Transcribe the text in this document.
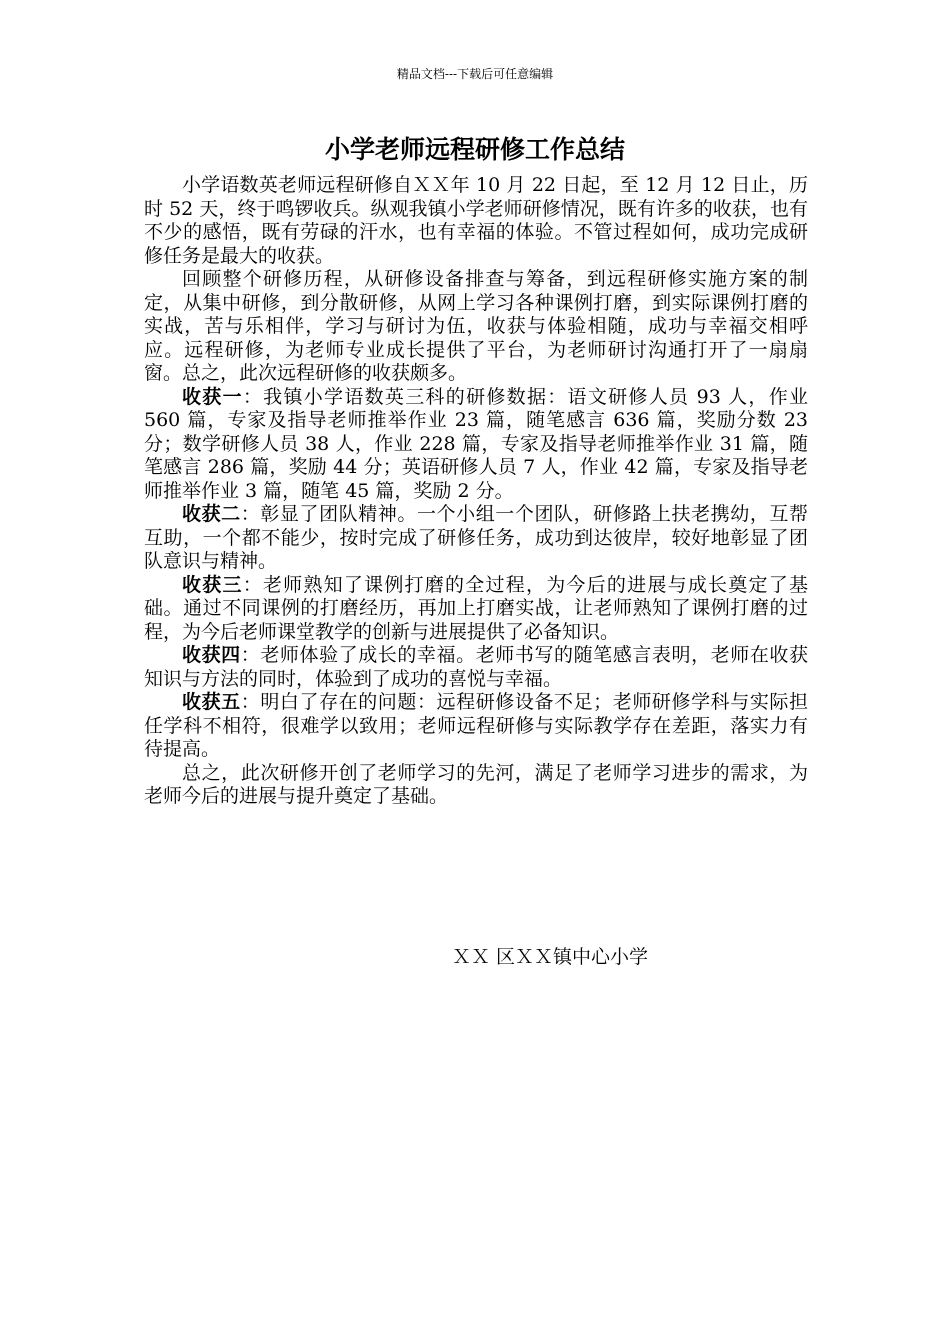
精品文档---下载后可任意编辑
小学老师远程研修工作总结

小学语数英老师远程研修自ＸＸ年 10 月 22 日起，至 12 月 12 日止，历时 52 天，终于鸣锣收兵。纵观我镇小学老师研修情况，既有许多的收获，也有不少的感悟，既有劳碌的汗水，也有幸福的体验。不管过程如何，成功完成研修任务是最大的收获。

回顾整个研修历程，从研修设备排查与筹备，到远程研修实施方案的制定，从集中研修，到分散研修，从网上学习各种课例打磨，到实际课例打磨的实战，苦与乐相伴，学习与研讨为伍，收获与体验相随，成功与幸福交相呼应。远程研修，为老师专业成长提供了平台，为老师研讨沟通打开了一扇扇窗。总之，此次远程研修的收获颇多。

收获一：我镇小学语数英三科的研修数据：语文研修人员 93 人，作业 560 篇，专家及指导老师推举作业 23 篇，随笔感言 636 篇，奖励分数 23 分；数学研修人员 38 人，作业 228 篇，专家及指导老师推举作业 31 篇，随笔感言 286 篇，奖励 44 分；英语研修人员 7 人，作业 42 篇，专家及指导老师推举作业 3 篇，随笔 45 篇，奖励 2 分。

收获二：彰显了团队精神。一个小组一个团队，研修路上扶老携幼，互帮互助，一个都不能少，按时完成了研修任务，成功到达彼岸，较好地彰显了团队意识与精神。

收获三：老师熟知了课例打磨的全过程，为今后的进展与成长奠定了基础。通过不同课例的打磨经历，再加上打磨实战，让老师熟知了课例打磨的过程，为今后老师课堂教学的创新与进展提供了必备知识。

收获四：老师体验了成长的幸福。老师书写的随笔感言表明，老师在收获知识与方法的同时，体验到了成功的喜悦与幸福。

收获五：明白了存在的问题：远程研修设备不足；老师研修学科与实际担任学科不相符，很难学以致用；老师远程研修与实际教学存在差距，落实力有待提高。

总之，此次研修开创了老师学习的先河，满足了老师学习进步的需求，为老师今后的进展与提升奠定了基础。

ＸＸ 区ＸＸ镇中心小学
